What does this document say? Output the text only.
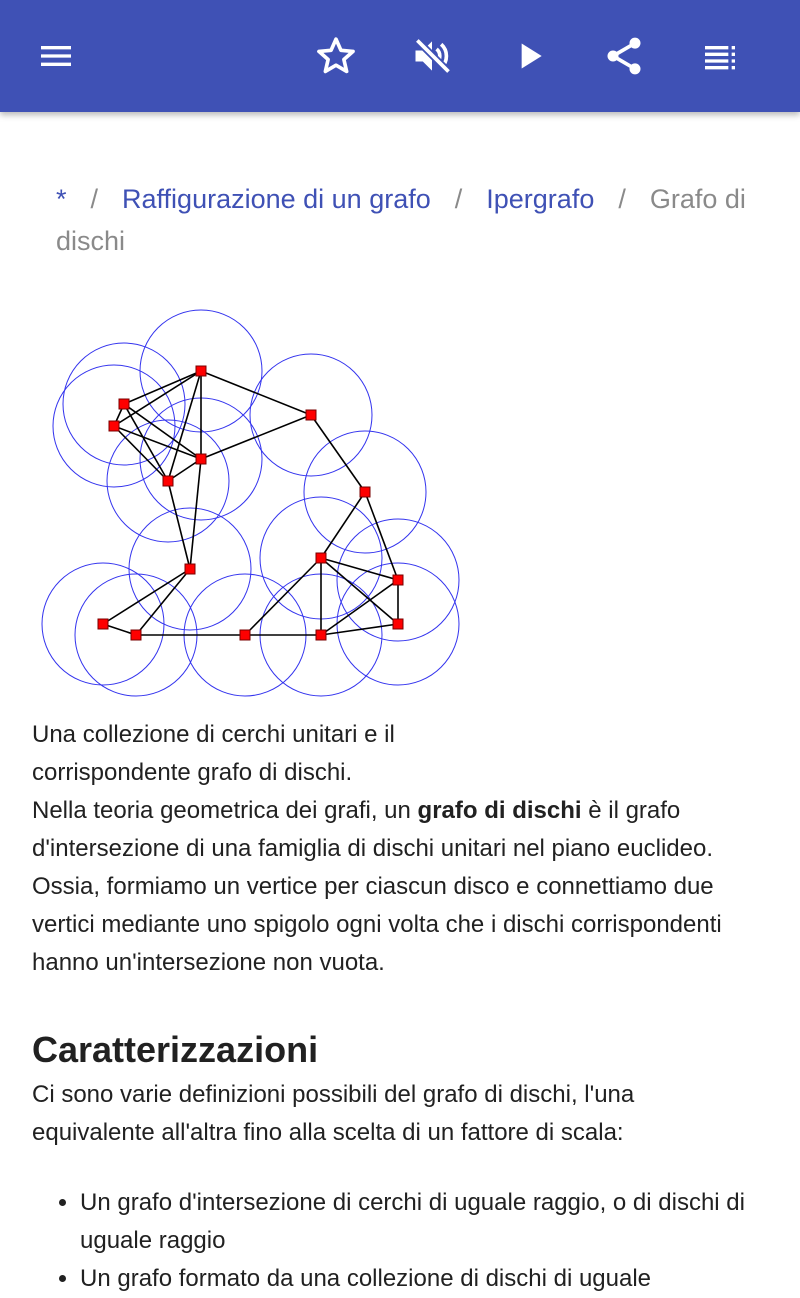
* / Raffigurazione di un grafo / Ipergrafo / Grafo di dischi

Una collezione di cerchi unitari e il corrispondente grafo di dischi.

Nella teoria geometrica dei grafi, un grafo di dischi è il grafo d'intersezione di una famiglia di dischi unitari nel piano euclideo. Ossia, formiamo un vertice per ciascun disco e connettiamo due vertici mediante uno spigolo ogni volta che i dischi corrispondenti hanno un'intersezione non vuota.

Caratterizzazioni

Ci sono varie definizioni possibili del grafo di dischi, l'una equivalente all'altra fino alla scelta di un fattore di scala:

• Un grafo d'intersezione di cerchi di uguale raggio, o di dischi di uguale raggio
• Un grafo formato da una collezione di dischi di uguale
